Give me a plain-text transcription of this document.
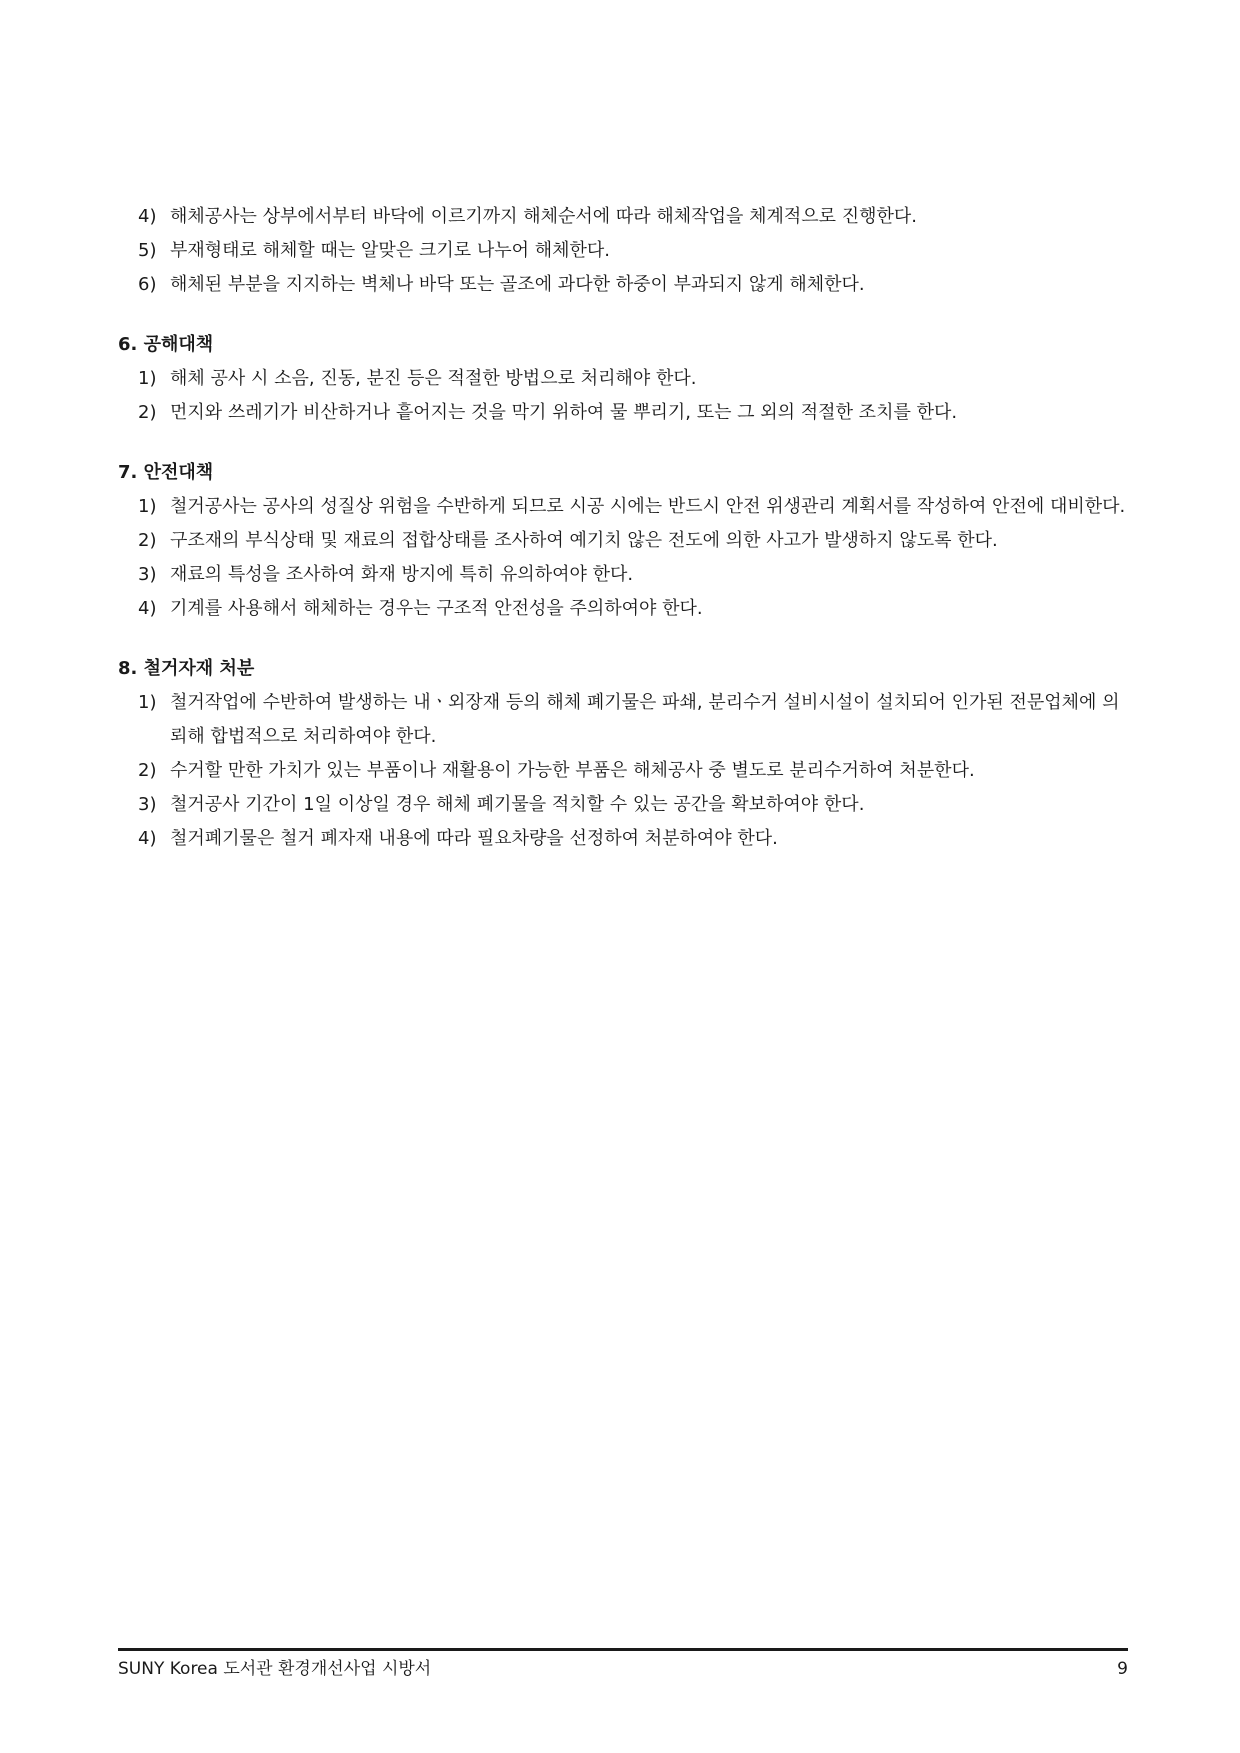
4) 해체공사는 상부에서부터 바닥에 이르기까지 해체순서에 따라 해체작업을 체계적으로 진행한다.
5) 부재형태로 해체할 때는 알맞은 크기로 나누어 해체한다.
6) 해체된 부분을 지지하는 벽체나 바닥 또는 골조에 과다한 하중이 부과되지 않게 해체한다.
6. 공해대책
1) 해체 공사 시 소음, 진동, 분진 등은 적절한 방법으로 처리해야 한다.
2) 먼지와 쓰레기가 비산하거나 흩어지는 것을 막기 위하여 물 뿌리기, 또는 그 외의 적절한 조치를 한다.
7. 안전대책
1) 철거공사는 공사의 성질상 위험을 수반하게 되므로 시공 시에는 반드시 안전 위생관리 계획서를 작성하여 안전에 대비한다.
2) 구조재의 부식상태 및 재료의 접합상태를 조사하여 예기치 않은 전도에 의한 사고가 발생하지 않도록 한다.
3) 재료의 특성을 조사하여 화재 방지에 특히 유의하여야 한다.
4) 기계를 사용해서 해체하는 경우는 구조적 안전성을 주의하여야 한다.
8. 철거자재 처분
1) 철거작업에 수반하여 발생하는 내ㆍ외장재 등의 해체 폐기물은 파쇄, 분리수거 설비시설이 설치되어 인가된 전문업체에 의뢰해 합법적으로 처리하여야 한다.
2) 수거할 만한 가치가 있는 부품이나 재활용이 가능한 부품은 해체공사 중 별도로 분리수거하여 처분한다.
3) 철거공사 기간이 1일 이상일 경우 해체 폐기물을 적치할 수 있는 공간을 확보하여야 한다.
4) 철거폐기물은 철거 폐자재 내용에 따라 필요차량을 선정하여 처분하여야 한다.
SUNY Korea 도서관 환경개선사업 시방서	9
